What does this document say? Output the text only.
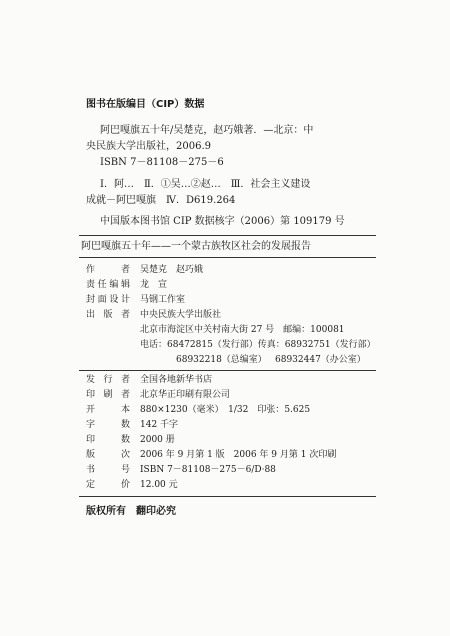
图书在版编目（CIP）数据
阿巴嘎旗五十年/吴楚克，赵巧娥著．—北京：中
央民族大学出版社，2006.9
ISBN 7－81108－275－6
Ⅰ．阿…　Ⅱ．①吴…②赵…　Ⅲ．社会主义建设
成就－阿巴嘎旗　Ⅳ．D619.264
中国版本图书馆 CIP 数据核字（2006）第 109179 号
阿巴嘎旗五十年——一个蒙古族牧区社会的发展报告
作　　者 吴楚克　赵巧娥
责任编辑 龙　宣
封面设计 马钢工作室
出 版 者 中央民族大学出版社
北京市海淀区中关村南大街 27 号　邮编：100081
电话：68472815（发行部）传真：68932751（发行部）
68932218（总编室） 68932447（办公室）
发 行 者 全国各地新华书店
印 刷 者 北京华正印刷有限公司
开　　本 880×1230（毫米）　1/32　印张：5.625
字　　数 142 千字
印　　数 2000 册
版　　次 2006 年 9 月第 1 版　2006 年 9 月第 1 次印刷
书　　号 ISBN 7－81108－275－6/D·88
定　　价 12.00 元
版权所有　翻印必究
